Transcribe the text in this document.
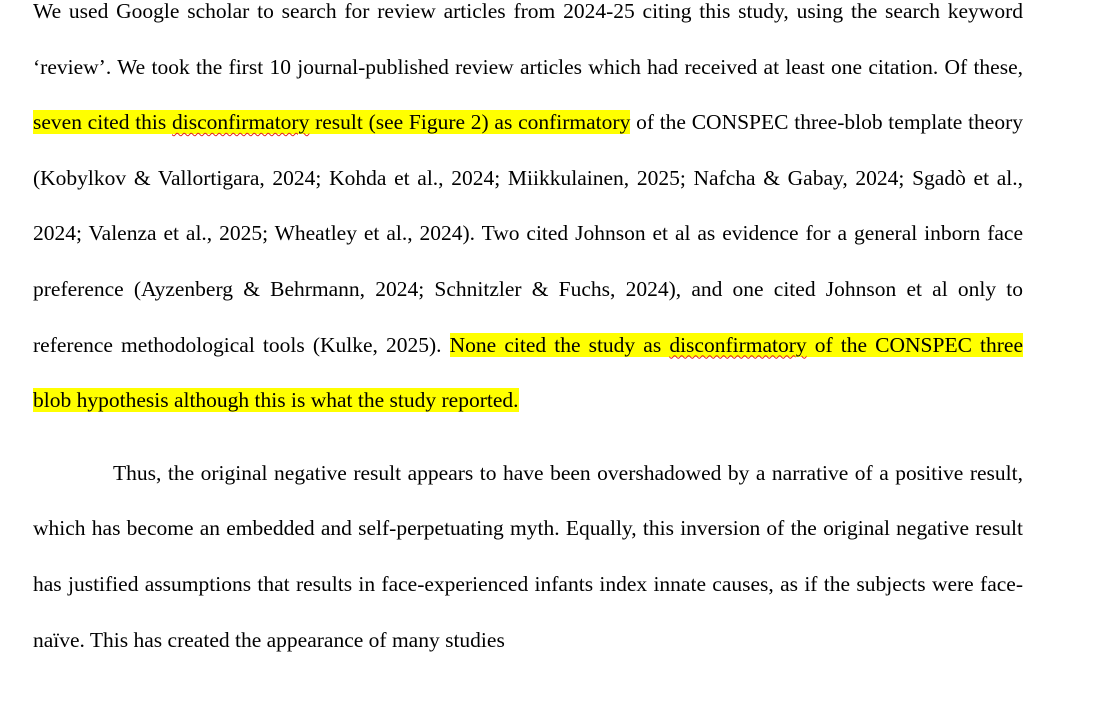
We used Google scholar to search for review articles from 2024-25 citing this study, using the search keyword ‘review’. We took the first 10 journal-published review articles which had received at least one citation. Of these, seven cited this disconfirmatory result (see Figure 2) as confirmatory of the CONSPEC three-blob template theory (Kobylkov & Vallortigara, 2024; Kohda et al., 2024; Miikkulainen, 2025; Nafcha & Gabay, 2024; Sgadò et al., 2024; Valenza et al., 2025; Wheatley et al., 2024). Two cited Johnson et al as evidence for a general inborn face preference (Ayzenberg & Behrmann, 2024; Schnitzler & Fuchs, 2024), and one cited Johnson et al only to reference methodological tools (Kulke, 2025). None cited the study as disconfirmatory of the CONSPEC three blob hypothesis although this is what the study reported.

Thus, the original negative result appears to have been overshadowed by a narrative of a positive result, which has become an embedded and self-perpetuating myth. Equally, this inversion of the original negative result has justified assumptions that results in face-experienced infants index innate causes, as if the subjects were face-naïve. This has created the appearance of many studies
